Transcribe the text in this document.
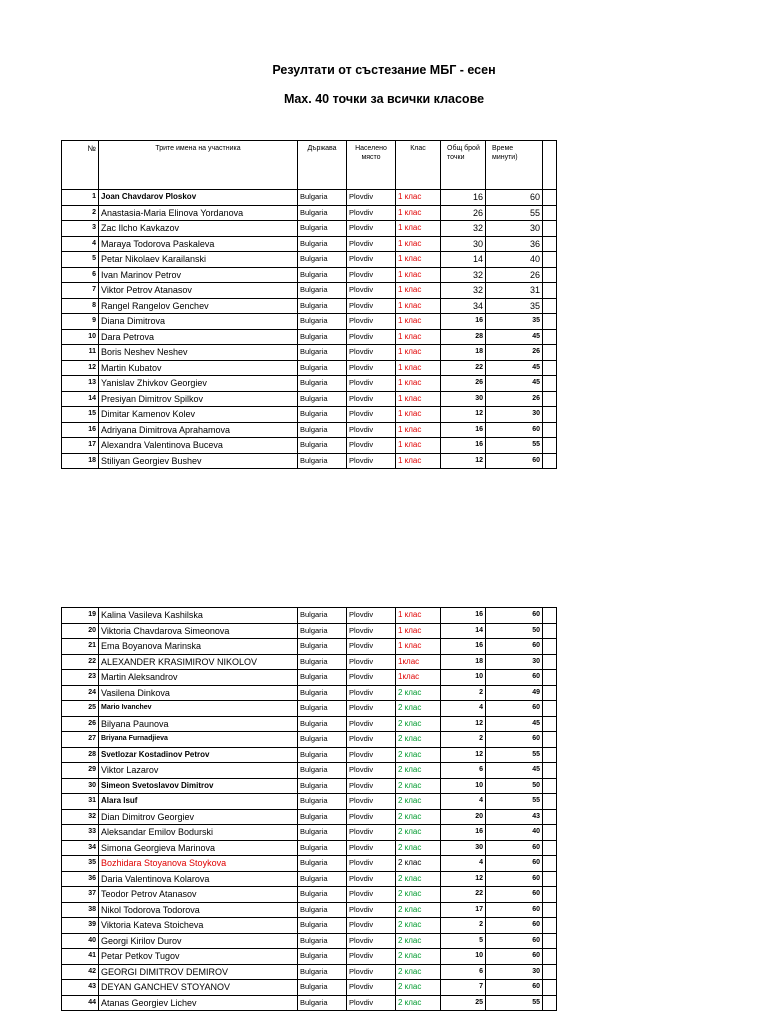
Резултати от състезание МБГ - есен
Max. 40 точки за всички класове
№	Трите имена на участника	Държава	Населено място	Клас	Общ брой точки	Време минути)	
1	Joan Chavdarov Ploskov	Bulgaria	Plovdiv	1 клас	16	60	
2	Anastasia-Maria Elinova Yordanova	Bulgaria	Plovdiv	1 клас	26	55	
3	Zac Ilcho Kavkazov	Bulgaria	Plovdiv	1 клас	32	30	
4	Maraya Todorova Paskaleva	Bulgaria	Plovdiv	1 клас	30	36	
5	Petar Nikolaev Karailanski	Bulgaria	Plovdiv	1 клас	14	40	
6	Ivan Marinov Petrov	Bulgaria	Plovdiv	1 клас	32	26	
7	Viktor Petrov Atanasov	Bulgaria	Plovdiv	1 клас	32	31	
8	Rangel Rangelov Genchev	Bulgaria	Plovdiv	1 клас	34	35	
9	Diana Dimitrova	Bulgaria	Plovdiv	1 клас	16	35	
10	Dara Petrova	Bulgaria	Plovdiv	1 клас	28	45	
11	Boris Neshev Neshev	Bulgaria	Plovdiv	1 клас	18	26	
12	Martin Kubatov	Bulgaria	Plovdiv	1 клас	22	45	
13	Yanislav Zhivkov Georgiev	Bulgaria	Plovdiv	1 клас	26	45	
14	Presiyan Dimitrov Spilkov	Bulgaria	Plovdiv	1 клас	30	26	
15	Dimitar Kamenov Kolev	Bulgaria	Plovdiv	1 клас	12	30	
16	Adriyana Dimitrova Aprahamova	Bulgaria	Plovdiv	1 клас	16	60	
17	Alexandra Valentinova Buceva	Bulgaria	Plovdiv	1 клас	16	55	
18	Stiliyan Georgiev Bushev	Bulgaria	Plovdiv	1 клас	12	60	
19	Kalina Vasileva Kashilska	Bulgaria	Plovdiv	1 клас	16	60	
20	Viktoria Chavdarova Simeonova	Bulgaria	Plovdiv	1 клас	14	50	
21	Ema Boyanova Marinska	Bulgaria	Plovdiv	1 клас	16	60	
22	ALEXANDER KRASIMIROV NIKOLOV	Bulgaria	Plovdiv	1клас	18	30	
23	Martin Aleksandrov	Bulgaria	Plovdiv	1клас	10	60	
24	Vasilena Dinkova	Bulgaria	Plovdiv	2 клас	2	49	
25	Mario Ivanchev	Bulgaria	Plovdiv	2 клас	4	60	
26	Bilyana Paunova	Bulgaria	Plovdiv	2 клас	12	45	
27	Briyana Furnadjieva	Bulgaria	Plovdiv	2 клас	2	60	
28	Svetlozar Kostadinov Petrov	Bulgaria	Plovdiv	2 клас	12	55	
29	Viktor Lazarov	Bulgaria	Plovdiv	2 клас	6	45	
30	Simeon Svetoslavov Dimitrov	Bulgaria	Plovdiv	2 клас	10	50	
31	Alara Isuf	Bulgaria	Plovdiv	2 клас	4	55	
32	Dian Dimitrov Georgiev	Bulgaria	Plovdiv	2 клас	20	43	
33	Aleksandar Emilov Bodurski	Bulgaria	Plovdiv	2 клас	16	40	
34	Simona Georgieva Marinova	Bulgaria	Plovdiv	2 клас	30	60	
35	Bozhidara Stoyanova Stoykova	Bulgaria	Plovdiv	2 клас	4	60	
36	Daria Valentinova Kolarova	Bulgaria	Plovdiv	2 клас	12	60	
37	Teodor Petrov Atanasov	Bulgaria	Plovdiv	2 клас	22	60	
38	Nikol Todorova Todorova	Bulgaria	Plovdiv	2 клас	17	60	
39	Viktoria Kateva Stoicheva	Bulgaria	Plovdiv	2 клас	2	60	
40	Georgi Kirilov Durov	Bulgaria	Plovdiv	2 клас	5	60	
41	Petar Petkov Tugov	Bulgaria	Plovdiv	2 клас	10	60	
42	GEORGI DIMITROV DEMIROV	Bulgaria	Plovdiv	2 клас	6	30	
43	DEYAN GANCHEV STOYANOV	Bulgaria	Plovdiv	2 клас	7	60	
44	Atanas Georgiev Lichev	Bulgaria	Plovdiv	2 клас	25	55	
